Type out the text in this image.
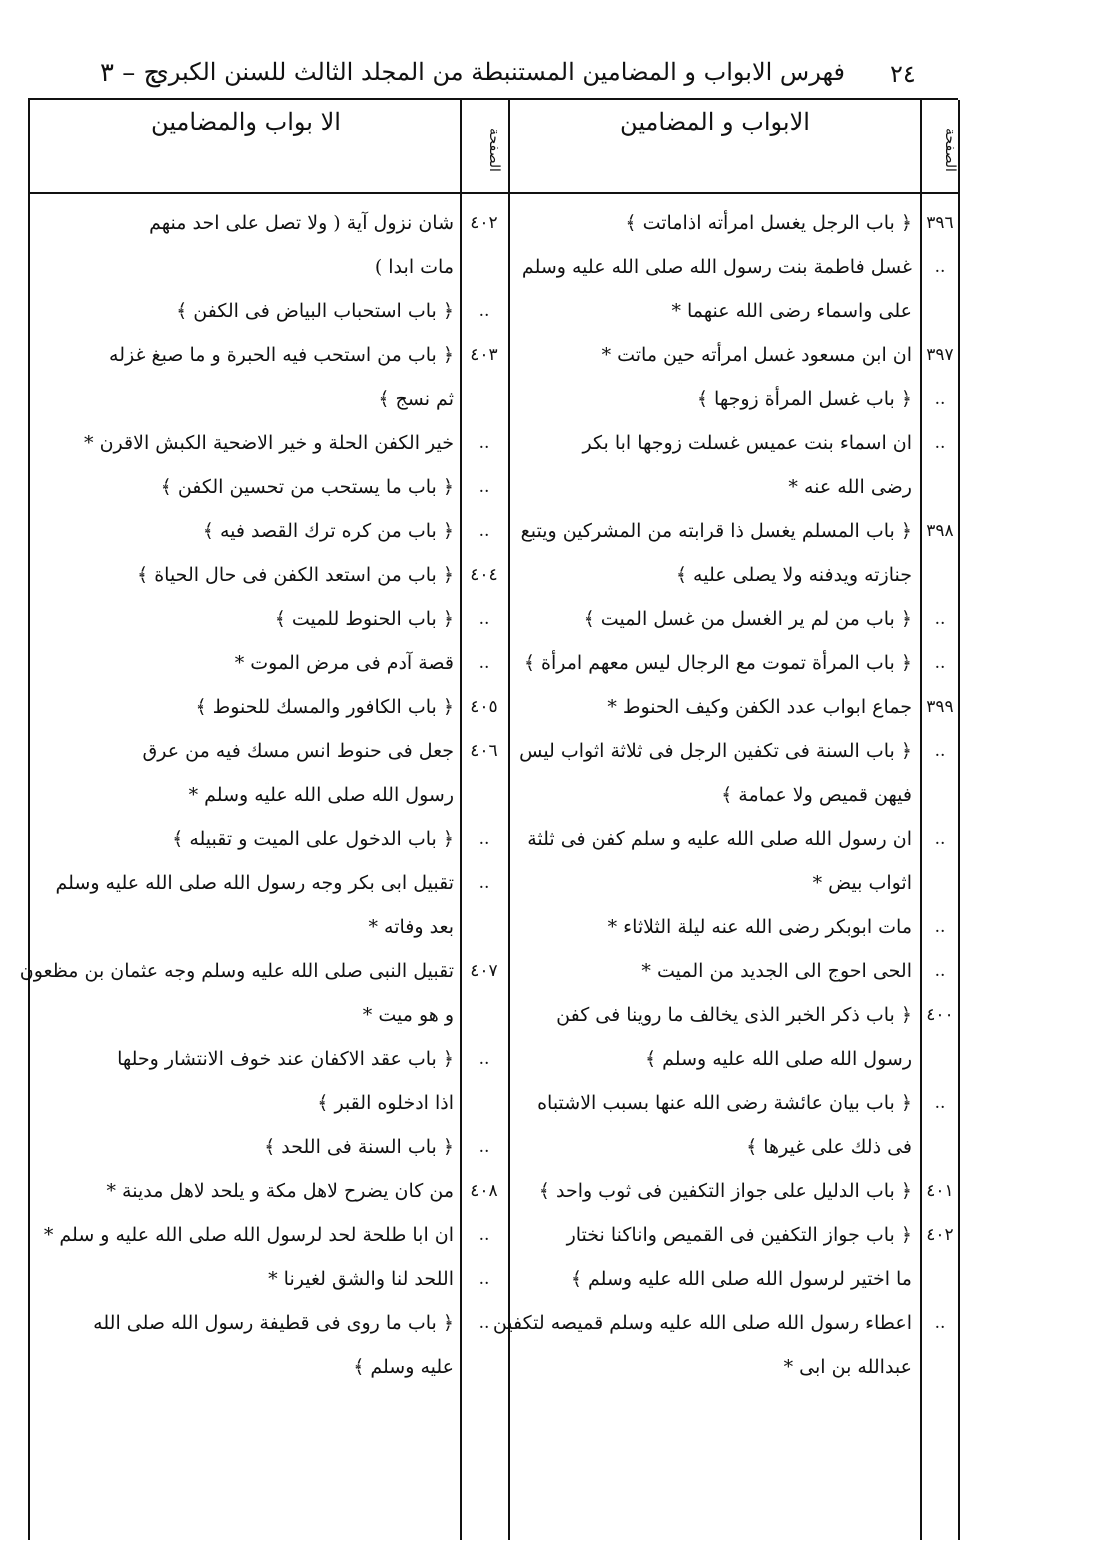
ج – ٣
فهرس الابواب و المضامين المستنبطة من المجلد الثالث للسنن الكبرى ٢٤
الا بواب والمضامين
الصفحة
الابواب و المضامين
الصفحة
٤٠٢
شان نزول آية ( ولا تصل على احد منهم
مات ابدا )
..
﴿ باب استحباب البياض فى الكفن ﴾
٤٠٣
﴿ باب من استحب فيه الحبرة و ما صبغ غزله
ثم نسج ﴾
..
خير الكفن الحلة و خير الاضحية الكبش الاقرن *
..
﴿ باب ما يستحب من تحسين الكفن ﴾
..
﴿ باب من كره ترك القصد فيه ﴾
٤٠٤
﴿ باب من استعد الكفن فى حال الحياة ﴾
..
﴿ باب الحنوط للميت ﴾
..
قصة آدم فى مرض الموت *
٤٠٥
﴿ باب الكافور والمسك للحنوط ﴾
٤٠٦
جعل فى حنوط انس مسك فيه من عرق
رسول الله صلى الله عليه وسلم *
..
﴿ باب الدخول على الميت و تقبيله ﴾
..
تقبيل ابى بكر وجه رسول الله صلى الله عليه وسلم
بعد وفاته *
٤٠٧
تقبيل النبى صلى الله عليه وسلم وجه عثمان بن مظعون
و هو ميت *
..
﴿ باب عقد الاكفان عند خوف الانتشار وحلها
اذا ادخلوه القبر ﴾
..
﴿ باب السنة فى اللحد ﴾
٤٠٨
من كان يضرح لاهل مكة و يلحد لاهل مدينة *
..
ان ابا طلحة لحد لرسول الله صلى الله عليه و سلم *
..
اللحد لنا والشق لغيرنا *
..
﴿ باب ما روى فى قطيفة رسول الله صلى الله
عليه وسلم ﴾
٣٩٦
﴿ باب الرجل يغسل امرأته اذاماتت ﴾
..
غسل فاطمة بنت رسول الله صلى الله عليه وسلم
على واسماء رضى الله عنهما *
٣٩٧
ان ابن مسعود غسل امرأته حين ماتت *
..
﴿ باب غسل المرأة زوجها ﴾
..
ان اسماء بنت عميس غسلت زوجها ابا بكر
رضى الله عنه *
٣٩٨
﴿ باب المسلم يغسل ذا قرابته من المشركين ويتبع
جنازته ويدفنه ولا يصلى عليه ﴾
..
﴿ باب من لم ير الغسل من غسل الميت ﴾
..
﴿ باب المرأة تموت مع الرجال ليس معهم امرأة ﴾
٣٩٩
جماع ابواب عدد الكفن وكيف الحنوط *
..
﴿ باب السنة فى تكفين الرجل فى ثلاثة اثواب ليس
فيهن قميص ولا عمامة ﴾
..
ان رسول الله صلى الله عليه و سلم كفن فى ثلثة
اثواب بيض *
..
مات ابوبكر رضى الله عنه ليلة الثلاثاء *
..
الحى احوج الى الجديد من الميت *
٤٠٠
﴿ باب ذكر الخبر الذى يخالف ما روينا فى كفن
رسول الله صلى الله عليه وسلم ﴾
..
﴿ باب بيان عائشة رضى الله عنها بسبب الاشتباه
فى ذلك على غيرها ﴾
٤٠١
﴿ باب الدليل على جواز التكفين فى ثوب واحد ﴾
٤٠٢
﴿ باب جواز التكفين فى القميص واناكنا نختار
ما اختير لرسول الله صلى الله عليه وسلم ﴾
..
اعطاء رسول الله صلى الله عليه وسلم قميصه لتكفين
عبدالله بن ابى *
